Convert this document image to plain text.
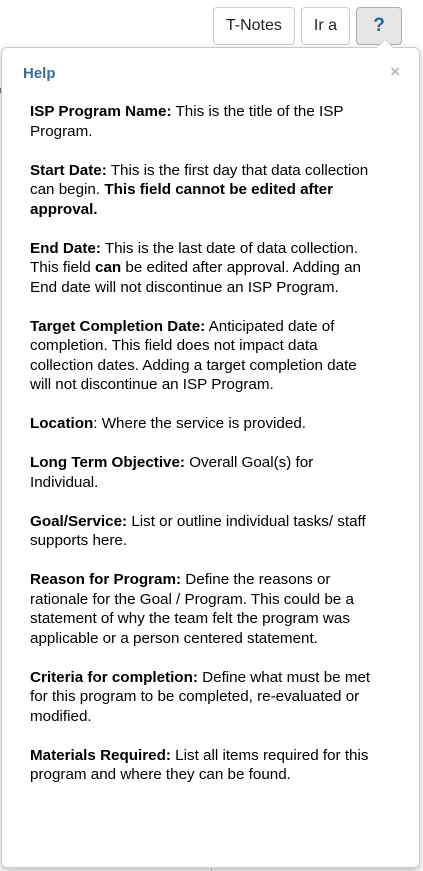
T-Notes	Ir a	?
Help	×

ISP Program Name: This is the title of the ISP Program.

Start Date: This is the first day that data collection can begin. This field cannot be edited after approval.

End Date: This is the last date of data collection. This field can be edited after approval. Adding an End date will not discontinue an ISP Program.

Target Completion Date: Anticipated date of completion. This field does not impact data collection dates. Adding a target completion date will not discontinue an ISP Program.

Location: Where the service is provided.

Long Term Objective: Overall Goal(s) for Individual.

Goal/Service: List or outline individual tasks/ staff supports here.

Reason for Program: Define the reasons or rationale for the Goal / Program. This could be a statement of why the team felt the program was applicable or a person centered statement.

Criteria for completion: Define what must be met for this program to be completed, re-evaluated or modified.

Materials Required: List all items required for this program and where they can be found.
